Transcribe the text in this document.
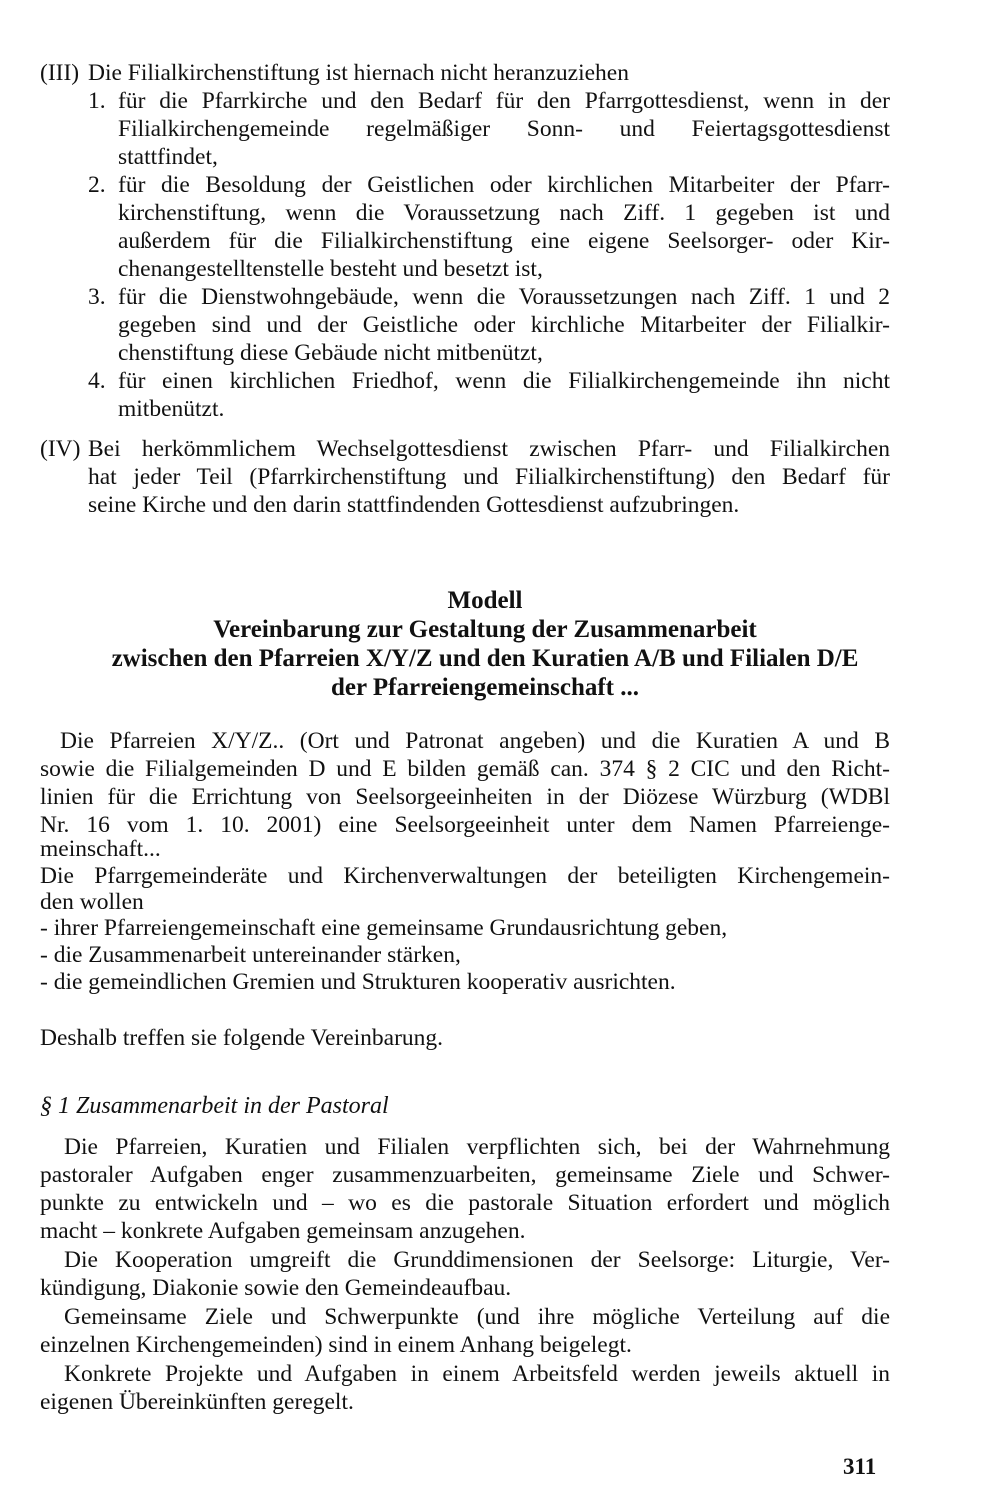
(III) Die Filialkirchenstiftung ist hiernach nicht heranzuziehen
1. für die Pfarrkirche und den Bedarf für den Pfarrgottesdienst, wenn in der
Filialkirchengemeinde regelmäßiger Sonn- und Feiertagsgottesdienst
stattfindet,
2. für die Besoldung der Geistlichen oder kirchlichen Mitarbeiter der Pfarr-
kirchenstiftung, wenn die Voraussetzung nach Ziff. 1 gegeben ist und
außerdem für die Filialkirchenstiftung eine eigene Seelsorger- oder Kir-
chenangestelltenstelle besteht und besetzt ist,
3. für die Dienstwohngebäude, wenn die Voraussetzungen nach Ziff. 1 und 2
gegeben sind und der Geistliche oder kirchliche Mitarbeiter der Filialkir-
chenstiftung diese Gebäude nicht mitbenützt,
4. für einen kirchlichen Friedhof, wenn die Filialkirchengemeinde ihn nicht
mitbenützt.
(IV) Bei herkömmlichem Wechselgottesdienst zwischen Pfarr- und Filialkirchen
hat jeder Teil (Pfarrkirchenstiftung und Filialkirchenstiftung) den Bedarf für
seine Kirche und den darin stattfindenden Gottesdienst aufzubringen.
Modell
Vereinbarung zur Gestaltung der Zusammenarbeit
zwischen den Pfarreien X/Y/Z und den Kuratien A/B und Filialen D/E
der Pfarreiengemeinschaft ...
Die Pfarreien X/Y/Z.. (Ort und Patronat angeben) und die Kuratien A und B
sowie die Filialgemeinden D und E bilden gemäß can. 374 § 2 CIC und den Richt-
linien für die Errichtung von Seelsorgeeinheiten in der Diözese Würzburg (WDBl
Nr. 16 vom 1. 10. 2001) eine Seelsorgeeinheit unter dem Namen Pfarreienge-
meinschaft...
Die Pfarrgemeinderäte und Kirchenverwaltungen der beteiligten Kirchengemein-
den wollen
- ihrer Pfarreiengemeinschaft eine gemeinsame Grundausrichtung geben,
- die Zusammenarbeit untereinander stärken,
- die gemeindlichen Gremien und Strukturen kooperativ ausrichten.
Deshalb treffen sie folgende Vereinbarung.
§ 1 Zusammenarbeit in der Pastoral
Die Pfarreien, Kuratien und Filialen verpflichten sich, bei der Wahrnehmung
pastoraler Aufgaben enger zusammenzuarbeiten, gemeinsame Ziele und Schwer-
punkte zu entwickeln und – wo es die pastorale Situation erfordert und möglich
macht – konkrete Aufgaben gemeinsam anzugehen.
Die Kooperation umgreift die Grunddimensionen der Seelsorge: Liturgie, Ver-
kündigung, Diakonie sowie den Gemeindeaufbau.
Gemeinsame Ziele und Schwerpunkte (und ihre mögliche Verteilung auf die
einzelnen Kirchengemeinden) sind in einem Anhang beigelegt.
Konkrete Projekte und Aufgaben in einem Arbeitsfeld werden jeweils aktuell in
eigenen Übereinkünften geregelt.
311
